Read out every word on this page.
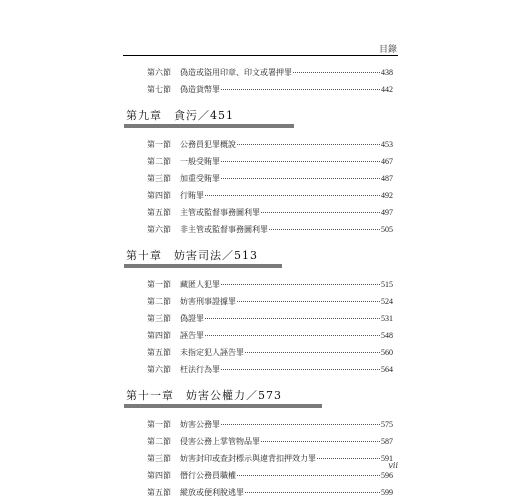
目錄
第六節	偽造或盜用印章、印文或署押罪	438
第七節	偽造貨幣罪	442
第九章　貪污／451
第一節	公務員犯罪概說	453
第二節	一般受賄罪	467
第三節	加重受賄罪	487
第四節	行賄罪	492
第五節	主管或監督事務圖利罪	497
第六節	非主管或監督事務圖利罪	505
第十章　妨害司法／513
第一節	藏匿人犯罪	515
第二節	妨害刑事證據罪	524
第三節	偽證罪	531
第四節	誣告罪	548
第五節	未指定犯人誣告罪	560
第六節	枉法行為罪	564
第十一章　妨害公權力／573
第一節	妨害公務罪	575
第二節	侵害公務上掌管物品罪	587
第三節	妨害封印或查封標示與違背扣押效力罪	591
第四節	僭行公務員職權	596
第五節	縱放或便利脫逃罪	599
vii
